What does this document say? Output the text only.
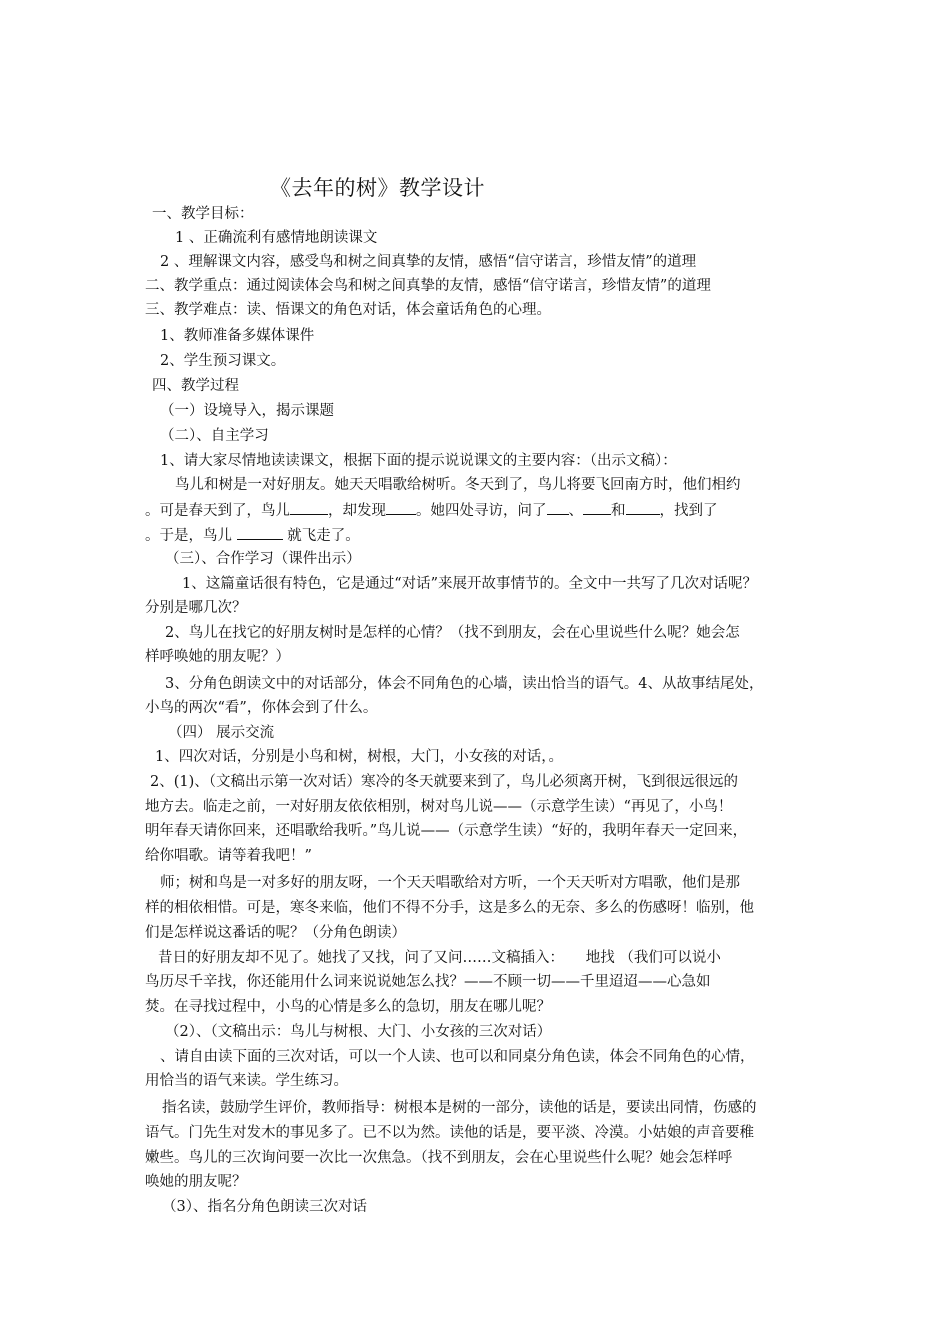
《去年的树》教学设计
一、教学目标：
1 、正确流利有感情地朗读课文
2 、理解课文内容，感受鸟和树之间真挚的友情，感悟“信守诺言，珍惜友情”的道理
二、教学重点：通过阅读体会鸟和树之间真挚的友情，感悟“信守诺言，珍惜友情”的道理
三、教学难点：读、悟课文的角色对话，体会童话角色的心理。
1、教师准备多媒体课件
2、学生预习课文。
四、教学过程
（一）设境导入，揭示课题
（二）、自主学习
1、请大家尽情地读读课文，根据下面的提示说说课文的主要内容：（出示文稿）：
鸟儿和树是一对好朋友。她天天唱歌给树听。冬天到了，鸟儿将要飞回南方时，他们相约
。可是春天到了，鸟儿	，却发现 。她四处寻访，问了 、 和 ，找到了
。于是，鸟儿	就飞走了。
（三）、合作学习（课件出示）
1、这篇童话很有特色，它是通过“对话”来展开故事情节的。全文中一共写了几次对话呢？
分别是哪几次？
2、鸟儿在找它的好朋友树时是怎样的心情？（找不到朋友，会在心里说些什么呢？她会怎
样呼唤她的朋友呢？）
3、分角色朗读文中的对话部分，体会不同角色的心墙，读出恰当的语气。4、从故事结尾处，
小鸟的两次“看”，你体会到了什么。
（四） 展示交流
1、四次对话，分别是小鸟和树，树根，大门，小女孩的对话，。
2、(1)、（文稿出示第一次对话）寒冷的冬天就要来到了，鸟儿必须离开树，飞到很远很远的
地方去。临走之前，一对好朋友依依相别，树对鸟儿说——（示意学生读）“再见了，小鸟！
明年春天请你回来，还唱歌给我听。”鸟儿说——（示意学生读）“好的，我明年春天一定回来，
给你唱歌。请等着我吧！”
师；树和鸟是一对多好的朋友呀，一个天天唱歌给对方听，一个天天听对方唱歌，他们是那
样的相依相惜。可是，寒冬来临，他们不得不分手，这是多么的无奈、多么的伤感呀！临别，他
们是怎样说这番话的呢？（分角色朗读）
昔日的好朋友却不见了。她找了又找，问了又问……文稿插入：　　地找 （我们可以说小
鸟历尽千辛找，你还能用什么词来说说她怎么找？——不顾一切——千里迢迢——心急如
焚。在寻找过程中，小鸟的心情是多么的急切，朋友在哪儿呢？
（2）、（文稿出示：鸟儿与树根、大门、小女孩的三次对话）
、请自由读下面的三次对话，可以一个人读、也可以和同桌分角色读，体会不同角色的心情，
用恰当的语气来读。学生练习。
指名读，鼓励学生评价，教师指导：树根本是树的一部分，读他的话是，要读出同情，伤感的
语气。门先生对发木的事见多了。已不以为然。读他的话是，要平淡、冷漠。小姑娘的声音要稚
嫩些。鸟儿的三次询问要一次比一次焦急。（找不到朋友，会在心里说些什么呢？她会怎样呼
唤她的朋友呢？
（3）、指名分角色朗读三次对话
